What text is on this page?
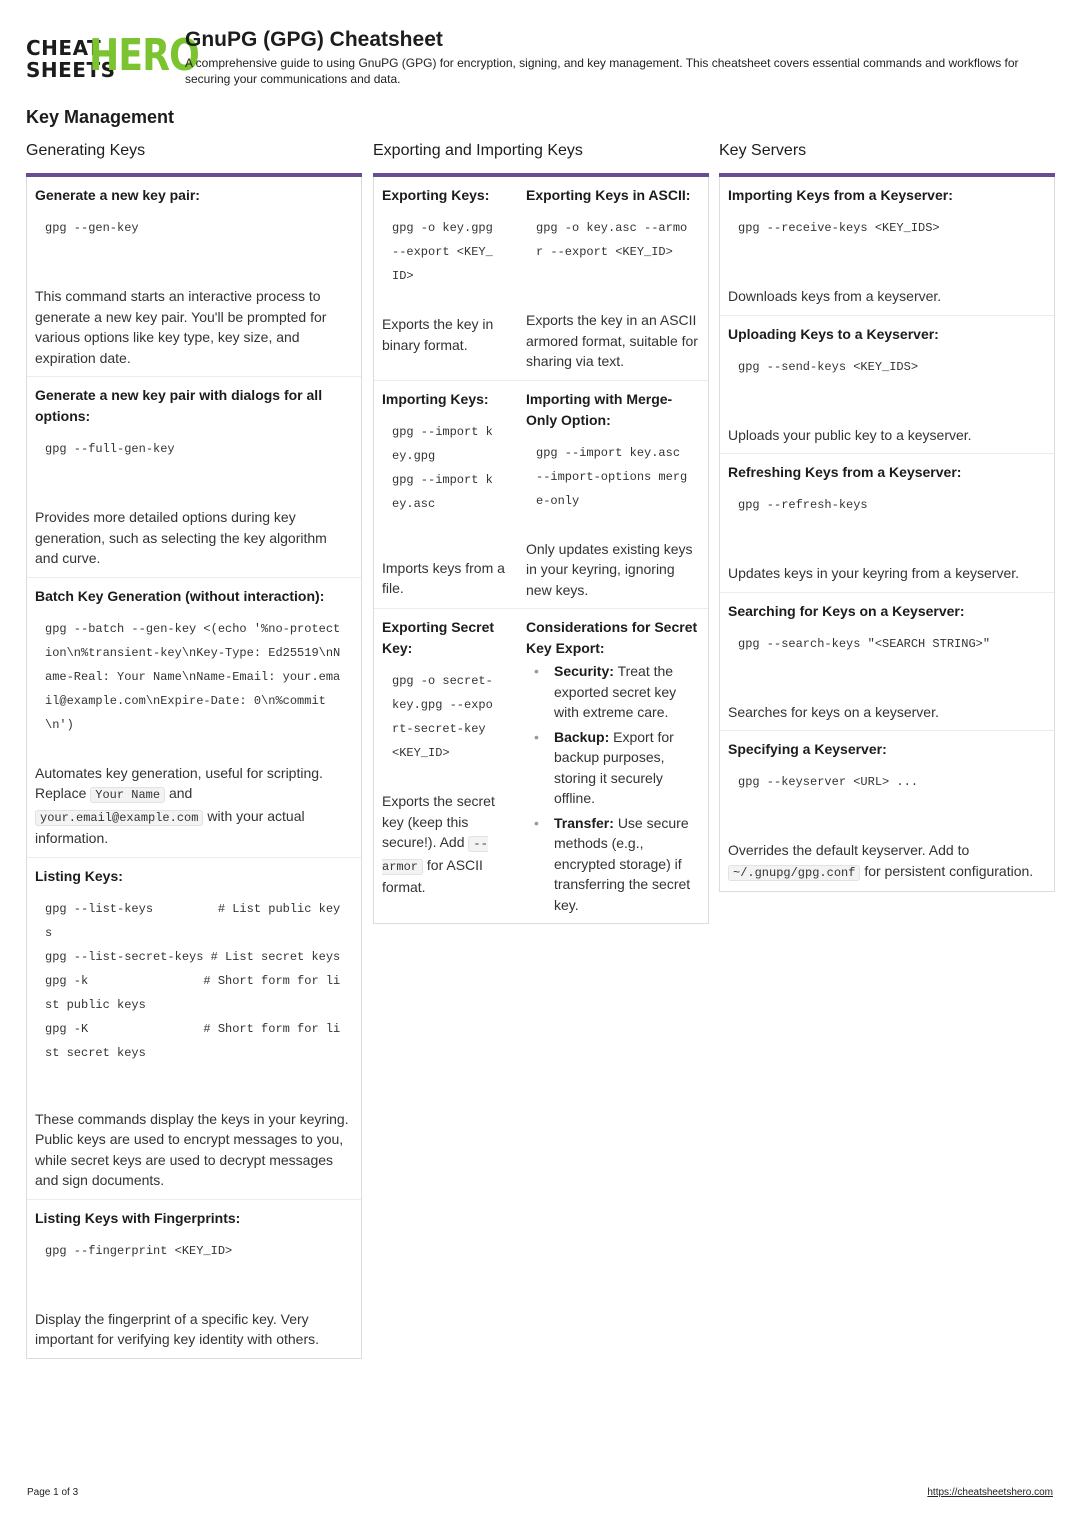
CHEAT
SHEETS
HERO
GnuPG (GPG) Cheatsheet
A comprehensive guide to using GnuPG (GPG) for encryption, signing, and key management. This cheatsheet covers essential commands and workflows for securing your communications and data.
Key Management
Generating Keys
Generate a new key pair:
gpg --gen-key
This command starts an interactive process to generate a new key pair. You'll be prompted for various options like key type, key size, and expiration date.
Generate a new key pair with dialogs for all options:
gpg --full-gen-key
Provides more detailed options during key generation, such as selecting the key algorithm and curve.
Batch Key Generation (without interaction):
gpg --batch --gen-key <(echo '%no-protection\n%transient-key\nKey-Type: Ed25519\nName-Real: Your Name\nName-Email: your.email@example.com\nExpire-Date: 0\n%commit\n')
Automates key generation, useful for scripting. Replace Your Name and your.email@example.com with your actual information.
Listing Keys:
gpg --list-keys         # List public keys
gpg --list-secret-keys # List secret keys
gpg -k                # Short form for list public keys
gpg -K                # Short form for list secret keys
These commands display the keys in your keyring. Public keys are used to encrypt messages to you, while secret keys are used to decrypt messages and sign documents.
Listing Keys with Fingerprints:
gpg --fingerprint <KEY_ID>
Display the fingerprint of a specific key. Very important for verifying key identity with others.
Exporting and Importing Keys
Exporting Keys:
gpg -o key.gpg --export <KEY_ID>
Exports the key in binary format.
Exporting Keys in ASCII:
gpg -o key.asc --armor --export <KEY_ID>
Exports the key in an ASCII armored format, suitable for sharing via text.
Importing Keys:
gpg --import key.gpg
gpg --import key.asc
Imports keys from a file.
Importing with Merge-Only Option:
gpg --import key.asc --import-options merge-only
Only updates existing keys in your keyring, ignoring new keys.
Exporting Secret Key:
gpg -o secret-key.gpg --export-secret-key <KEY_ID>
Exports the secret key (keep this secure!). Add --armor for ASCII format.
Considerations for Secret Key Export:
• Security: Treat the exported secret key with extreme care.
• Backup: Export for backup purposes, storing it securely offline.
• Transfer: Use secure methods (e.g., encrypted storage) if transferring the secret key.
Key Servers
Importing Keys from a Keyserver:
gpg --receive-keys <KEY_IDS>
Downloads keys from a keyserver.
Uploading Keys to a Keyserver:
gpg --send-keys <KEY_IDS>
Uploads your public key to a keyserver.
Refreshing Keys from a Keyserver:
gpg --refresh-keys
Updates keys in your keyring from a keyserver.
Searching for Keys on a Keyserver:
gpg --search-keys "<SEARCH STRING>"
Searches for keys on a keyserver.
Specifying a Keyserver:
gpg --keyserver <URL> ...
Overrides the default keyserver. Add to ~/.gnupg/gpg.conf for persistent configuration.
Page 1 of 3	https://cheatsheetshero.com
